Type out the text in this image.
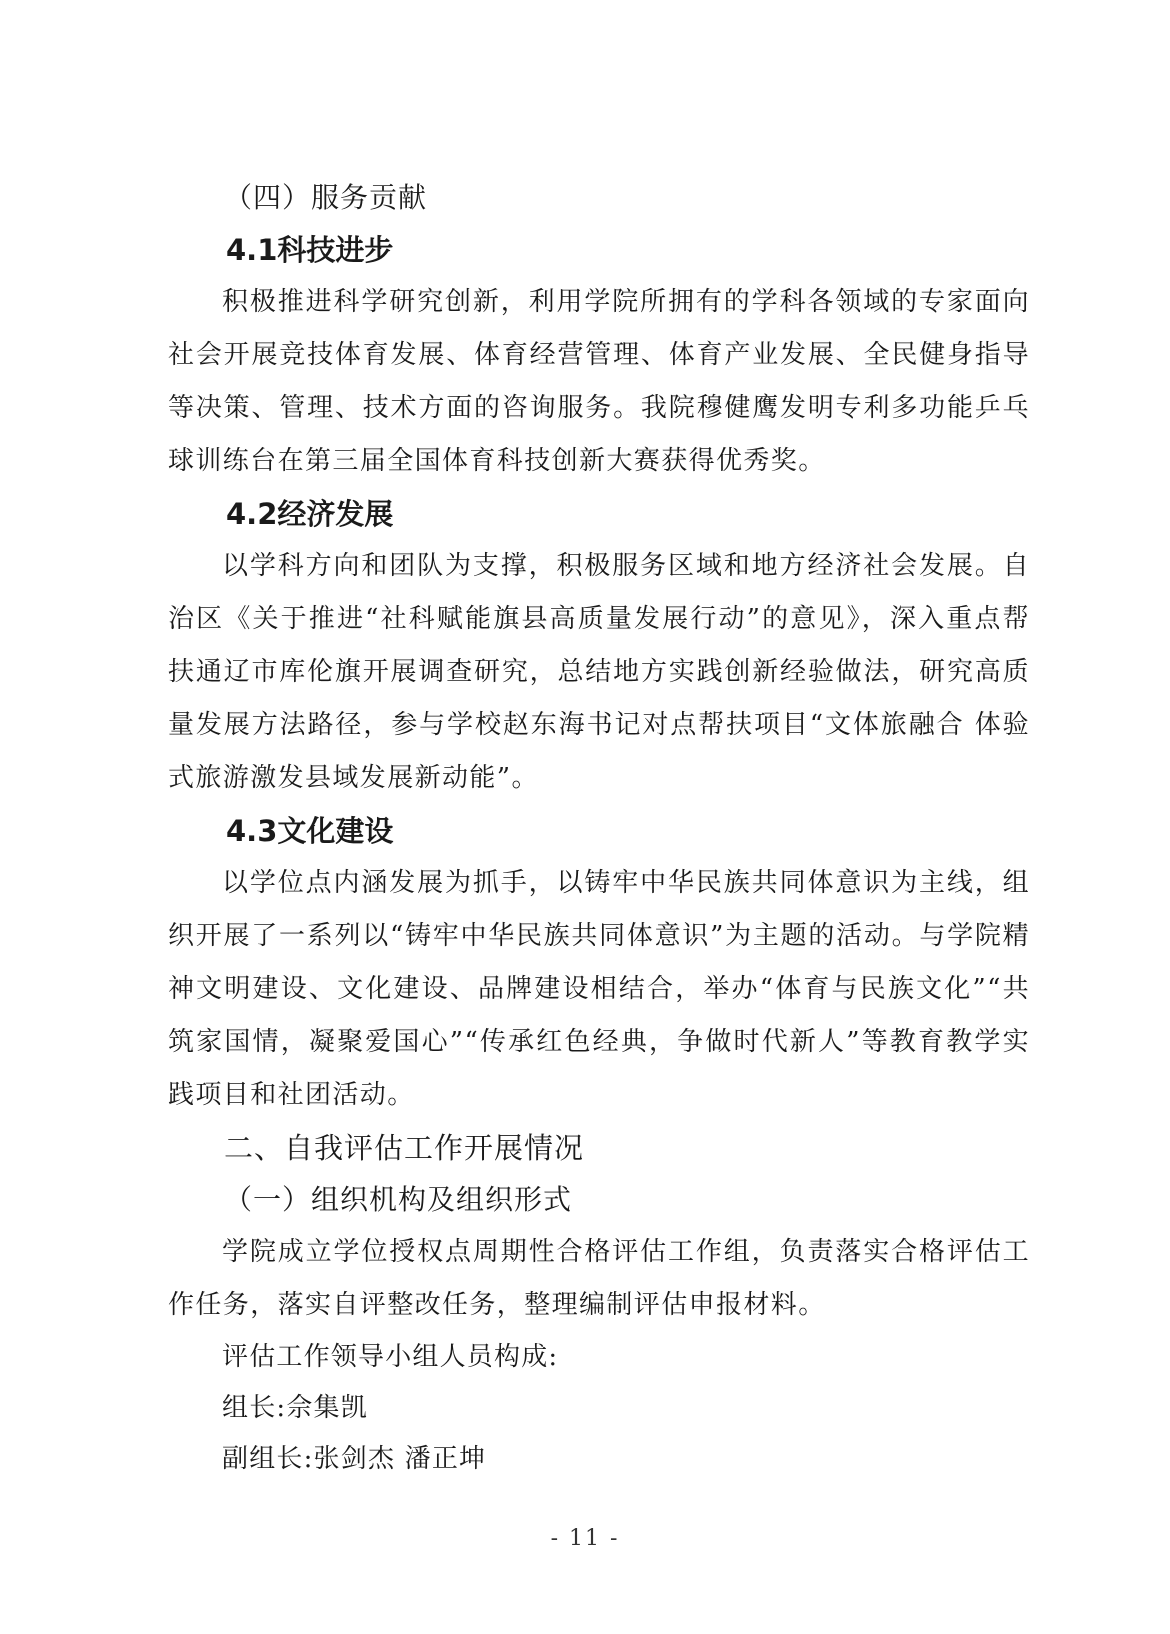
（四）服务贡献
4.1科技进步

积极推进科学研究创新，利用学院所拥有的学科各领域的专家面向社会开展竞技体育发展、体育经营管理、体育产业发展、全民健身指导等决策、管理、技术方面的咨询服务。我院穆健鹰发明专利多功能乒乓球训练台在第三届全国体育科技创新大赛获得优秀奖。

4.2经济发展

以学科方向和团队为支撑，积极服务区域和地方经济社会发展。自治区《关于推进“社科赋能旗县高质量发展行动”的意见》，深入重点帮扶通辽市库伦旗开展调查研究，总结地方实践创新经验做法，研究高质量发展方法路径，参与学校赵东海书记对点帮扶项目“文体旅融合 体验式旅游激发县域发展新动能”。

4.3文化建设

以学位点内涵发展为抓手，以铸牢中华民族共同体意识为主线，组织开展了一系列以“铸牢中华民族共同体意识”为主题的活动。与学院精神文明建设、文化建设、品牌建设相结合，举办“体育与民族文化”“共筑家国情，凝聚爱国心”“传承红色经典，争做时代新人”等教育教学实践项目和社团活动。

二、自我评估工作开展情况
（一）组织机构及组织形式

学院成立学位授权点周期性合格评估工作组，负责落实合格评估工作任务，落实自评整改任务，整理编制评估申报材料。

评估工作领导小组人员构成:
组长:佘集凯
副组长:张剑杰 潘正坤
- 11 -
